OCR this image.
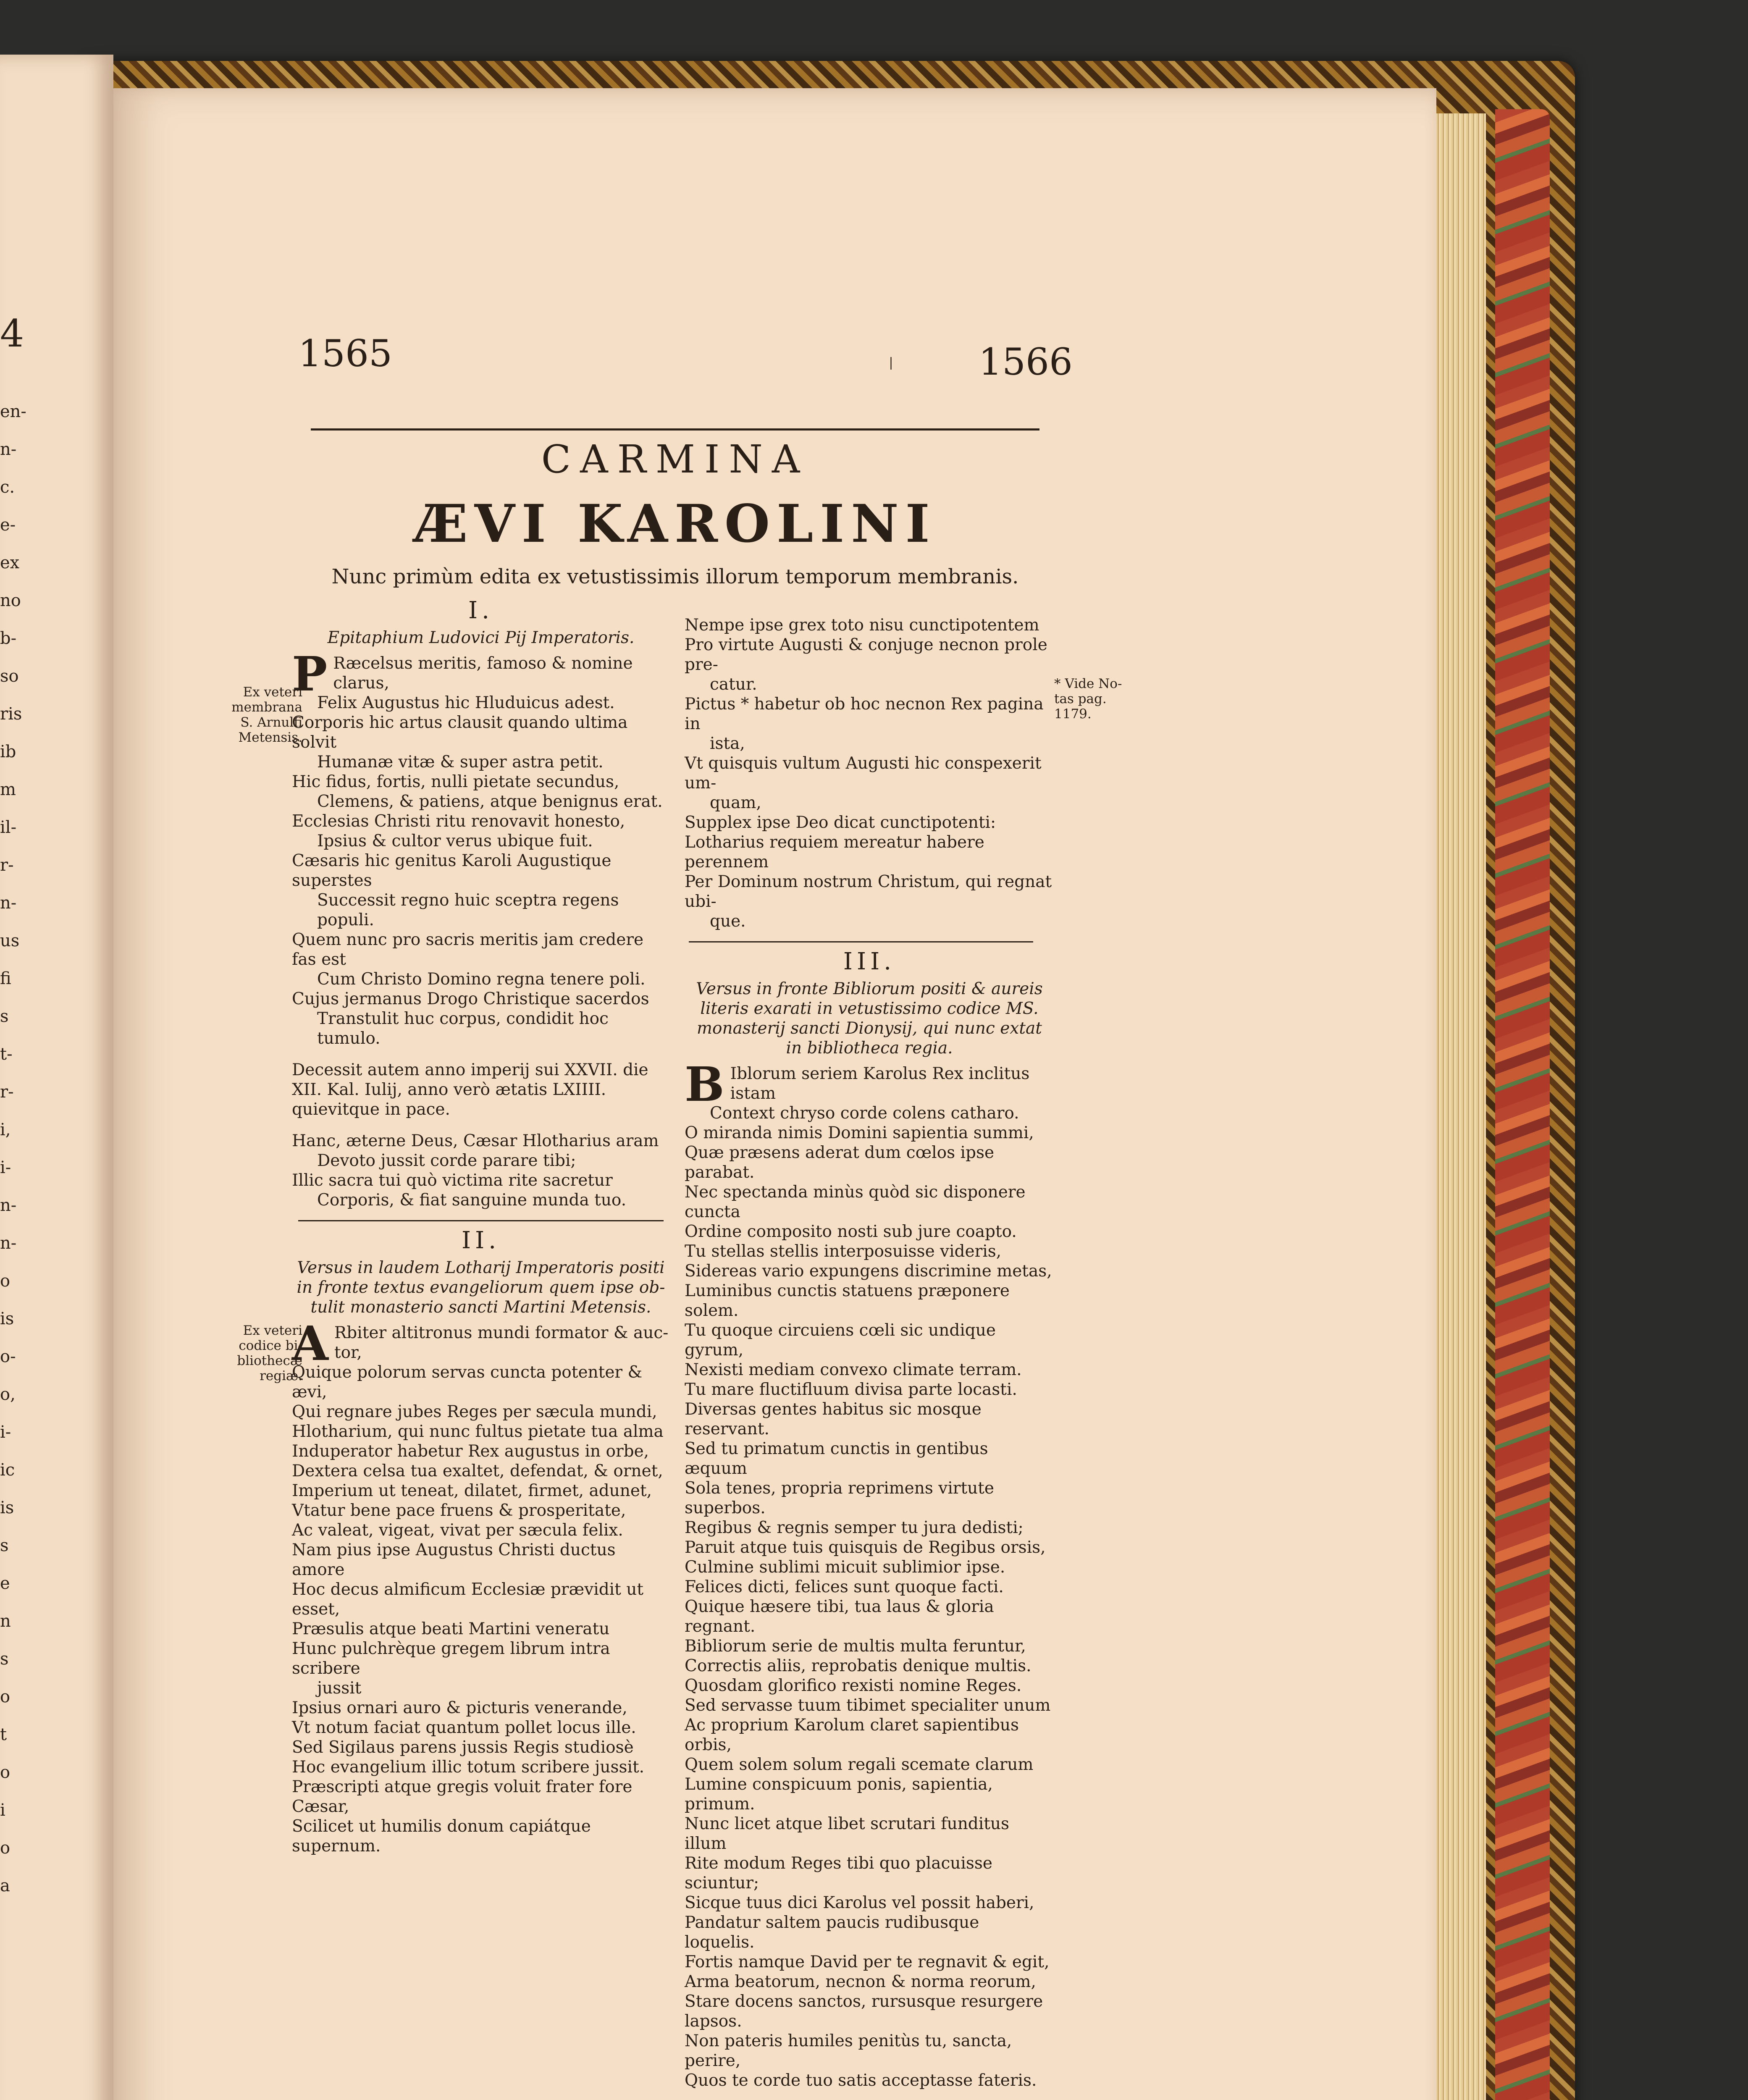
4
en-
n-
c.
e-
ex
no
b-
so
ris
ib
m
il-
r-
n-
us
fi
s
t-
r-
i,
i-
n-
n-
o
is
o-
o,
i-
ic
is
s
e
n
s
o
t
o
i
o
a
1565	1566
CARMINA
ÆVI KAROLINI
Nunc primùm edita ex vetustissimis illorum temporum membranis.
Ex veteri
membrana
S. Arnulfi
Metensis.

I.

Epitaphium Ludovici Pij Imperatoris.

P Ræcelsus meritis, famoso & nomine clarus,

Felix Augustus hic Hluduicus adest.

Corporis hic artus clausit quando ultima solvit

Humanæ vitæ & super astra petit.

Hic fidus, fortis, nulli pietate secundus,

Clemens, & patiens, atque benignus erat.

Ecclesias Christi ritu renovavit honesto,

Ipsius & cultor verus ubique fuit.

Cæsaris hic genitus Karoli Augustique superstes

Successit regno huic sceptra regens populi.

Quem nunc pro sacris meritis jam credere fas est

Cum Christo Domino regna tenere poli.

Cujus jermanus Drogo Christique sacerdos

Transtulit huc corpus, condidit hoc tumulo.

Decessit autem anno imperij sui XXVII. die XII. Kal. Iulij, anno verò ætatis LXIIII. quievitque in pace.

Hanc, æterne Deus, Cæsar Hlotharius aram

Devoto jussit corde parare tibi;

Illic sacra tui quò victima rite sacretur

Corporis, & fiat sanguine munda tuo.

II.

Versus in laudem Lotharij Imperatoris positi

in fronte textus evangeliorum quem ipse ob-

tulit monasterio sancti Martini Metensis.

A Rbiter altitronus mundi formator & auc-

tor,

Quique polorum servas cuncta potenter & ævi,

Qui regnare jubes Reges per sæcula mundi,

Hlotharium, qui nunc fultus pietate tua alma

Induperator habetur Rex augustus in orbe,

Dextera celsa tua exaltet, defendat, & ornet,

Imperium ut teneat, dilatet, firmet, adunet,

Vtatur bene pace fruens & prosperitate,

Ac valeat, vigeat, vivat per sæcula felix.

Nam pius ipse Augustus Christi ductus amore

Hoc decus almificum Ecclesiæ prævidit ut esset,

Præsulis atque beati Martini veneratu

Hunc pulchrèque gregem librum intra scribere

jussit

Ipsius ornari auro & picturis venerande,

Vt notum faciat quantum pollet locus ille.

Sed Sigilaus parens jussis Regis studiosè

Hoc evangelium illic totum scribere jussit.

Præscripti atque gregis voluit frater fore Cæsar,

Scilicet ut humilis donum capiátque supernum.

Ex veteri
codice bi-
bliothecæ
regiæ.

Nempe ipse grex toto nisu cunctipotentem

Pro virtute Augusti & conjuge necnon prole pre-

catur.

Pictus * habetur ob hoc necnon Rex pagina in

ista,

Vt quisquis vultum Augusti hic conspexerit um-

quam,

Supplex ipse Deo dicat cunctipotenti:

Lotharius requiem mereatur habere perennem

Per Dominum nostrum Christum, qui regnat ubi-

que.

III.

Versus in fronte Bibliorum positi & aureis

literis exarati in vetustissimo codice MS.

monasterij sancti Dionysij, qui nunc extat

in bibliotheca regia.

B Iblorum seriem Karolus Rex inclitus istam

Context chryso corde colens catharo.

O miranda nimis Domini sapientia summi,

Quæ præsens aderat dum cœlos ipse parabat.

Nec spectanda minùs quòd sic disponere cuncta

Ordine composito nosti sub jure coapto.

Tu stellas stellis interposuisse videris,

Sidereas vario expungens discrimine metas,

Luminibus cunctis statuens præponere solem.

Tu quoque circuiens cœli sic undique gyrum,

Nexisti mediam convexo climate terram.

Tu mare fluctifluum divisa parte locasti.

Diversas gentes habitus sic mosque reservant.

Sed tu primatum cunctis in gentibus æquum

Sola tenes, propria reprimens virtute superbos.

Regibus & regnis semper tu jura dedisti;

Paruit atque tuis quisquis de Regibus orsis,

Culmine sublimi micuit sublimior ipse.

Felices dicti, felices sunt quoque facti.

Quique hæsere tibi, tua laus & gloria regnant.

Bibliorum serie de multis multa feruntur,

Correctis aliis, reprobatis denique multis.

Quosdam glorifico rexisti nomine Reges.

Sed servasse tuum tibimet specialiter unum

Ac proprium Karolum claret sapientibus orbis,

Quem solem solum regali scemate clarum

Lumine conspicuum ponis, sapientia, primum.

Nunc licet atque libet scrutari funditus illum

Rite modum Reges tibi quo placuisse sciuntur;

Sicque tuus dici Karolus vel possit haberi,

Pandatur saltem paucis rudibusque loquelis.

Fortis namque David per te regnavit & egit,

Arma beatorum, necnon & norma reorum,

Stare docens sanctos, rursusque resurgere lapsos.

Non pateris humiles penitùs tu, sancta, perire,

Quos te corde tuo satis acceptasse fateris.

* Vide No-
tas pag.
1179.
